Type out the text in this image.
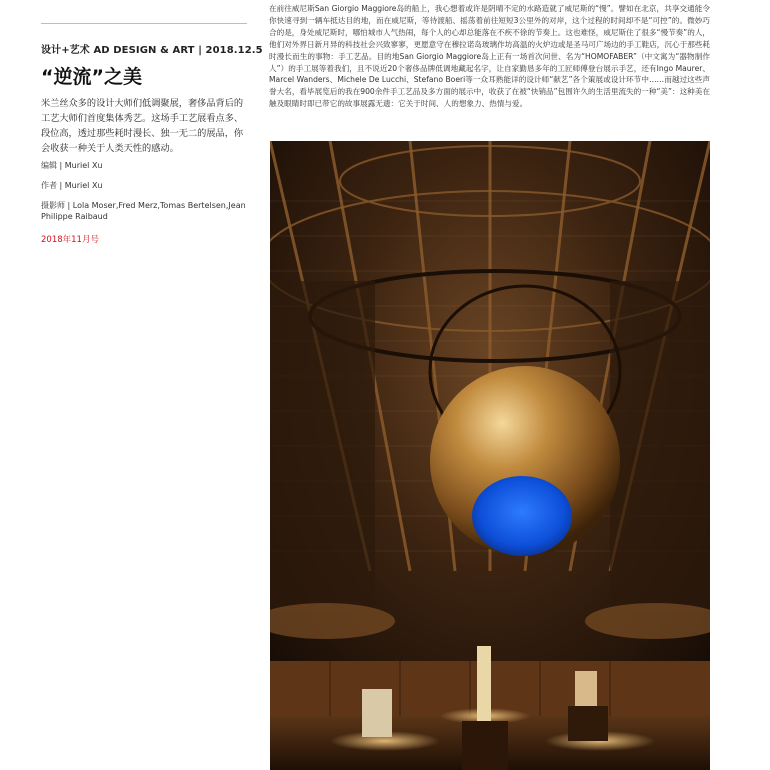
设计+艺术 AD DESIGN & ART | 2018.12.5
“逆流”之美
米兰丝众多的设计大师们低调聚展，奢侈品背后的工艺大师们首度集体秀艺。这场手工艺展看点多、段位高，透过那些耗时漫长、独一无二的展品，你会收获一种关于人类天性的感动。
编辑 | Muriel Xu
作者 | Muriel Xu
摄影师 | Lola Moser,Fred Merz,Tomas Bertelsen,Jean Philippe Raibaud
2018年11月号
在前往威尼斯San Giorgio Maggiore岛的船上，我心想着或许是阴晴不定的水路造就了威尼斯的“慢”。譬如在北京，共享交通能令你快速寻到一辆车抵达目的地，而在威尼斯，等待渡船、摇荡着前往短短3公里外的对岸，这个过程的时间却不是“可控”的。微妙巧合的是，身处威尼斯时，哪怕城市人气热闹，每个人的心却总能落在不疾不徐的节奏上。这也难怪，威尼斯住了很多“慢节奏”的人，他们对外界日新月异的科技社会兴致寥寥，更愿意守在穆拉诺岛玻璃作坊高温的火炉边或是圣马可广场边的手工鞋店，沉心于那些耗时漫长而生的事物：手工艺品。目的地San Giorgio Maggiore岛上正有一场首次问世、名为“HOMOFABER”（中文寓为“器物制作人”）的手工展等着我们，且不说近20个奢侈品牌低调地藏起名字，让自家勤恳多年的工匠师傅登台展示手艺，还有Ingo Maurer、Marcel Wanders、Michele De Lucchi、Stefano Boeri等一众耳熟能详的设计师“献艺”各个策展或设计环节中……而越过这些声誉大名，看毕展览后的我在900余件手工艺品及多方面的展示中，收获了在被“快销品”包围许久的生活里流失的一种“美”：这种美在触及眼睛时即已带它的故事展露无遗：它关于时间、人的想象力、热情与爱。
